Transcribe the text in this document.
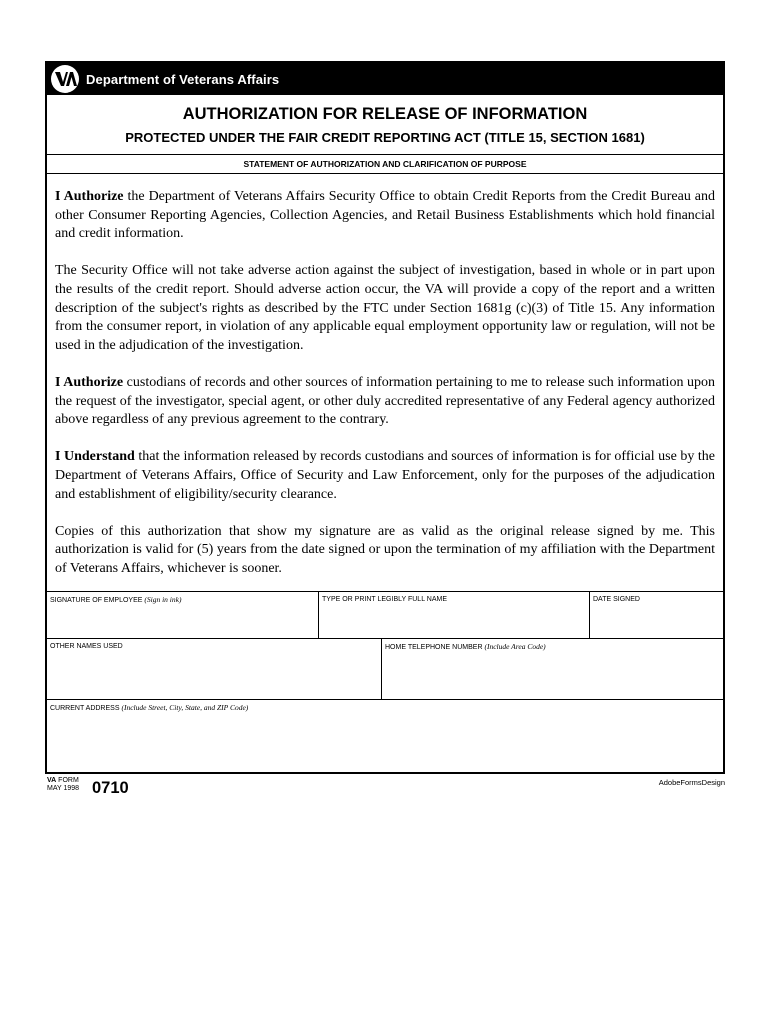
VA
Department of Veterans Affairs
AUTHORIZATION FOR RELEASE OF INFORMATION
PROTECTED UNDER THE FAIR CREDIT REPORTING ACT (TITLE 15, SECTION 1681)
STATEMENT OF AUTHORIZATION AND CLARIFICATION OF PURPOSE

I Authorize the Department of Veterans Affairs Security Office to obtain Credit Reports from the Credit Bureau and other Consumer Reporting Agencies, Collection Agencies, and Retail Business Establishments which hold financial and credit information.

The Security Office will not take adverse action against the subject of investigation, based in whole or in part upon the results of the credit report. Should adverse action occur, the VA will provide a copy of the report and a written description of the subject's rights as described by the FTC under Section 1681g (c)(3) of Title 15. Any information from the consumer report, in violation of any applicable equal employment opportunity law or regulation, will not be used in the adjudication of the investigation.

I Authorize custodians of records and other sources of information pertaining to me to release such information upon the request of the investigator, special agent, or other duly accredited representative of any Federal agency authorized above regardless of any previous agreement to the contrary.

I Understand that the information released by records custodians and sources of information is for official use by the Department of Veterans Affairs, Office of Security and Law Enforcement, only for the purposes of the adjudication and establishment of eligibility/security clearance.

Copies of this authorization that show my signature are as valid as the original release signed by me. This authorization is valid for (5) years from the date signed or upon the termination of my affiliation with the Department of Veterans Affairs, whichever is sooner.

SIGNATURE OF EMPLOYEE (Sign in ink)	TYPE OR PRINT LEGIBLY FULL NAME	DATE SIGNED
OTHER NAMES USED	HOME TELEPHONE NUMBER (Include Area Code)
CURRENT ADDRESS (Include Street, City, State, and ZIP Code)
VA FORM
MAY 1998 0710	AdobeFormsDesign
